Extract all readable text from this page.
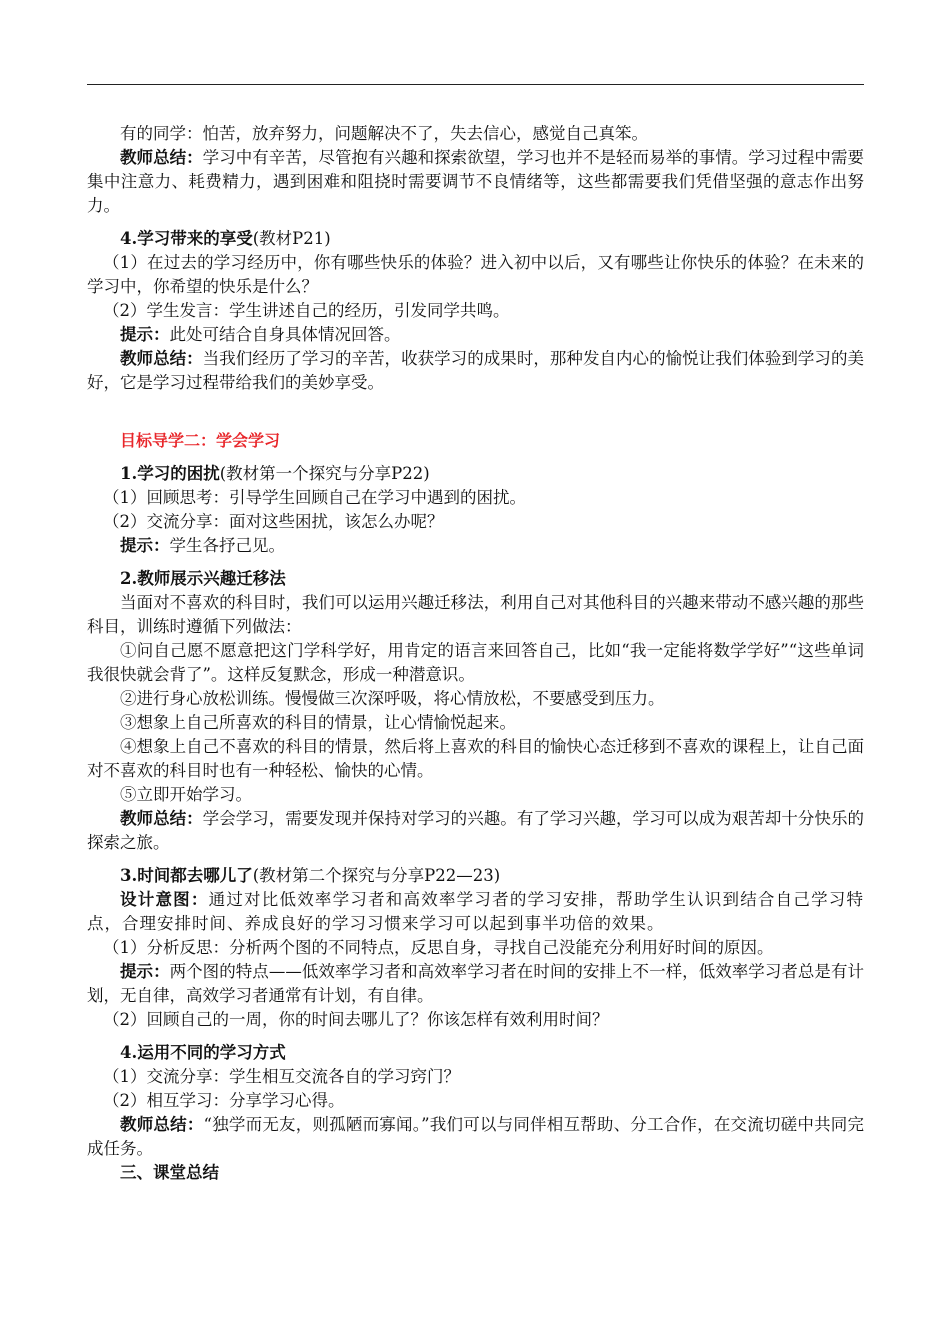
有的同学：怕苦，放弃努力，问题解决不了，失去信心，感觉自己真笨。

教师总结：学习中有辛苦，尽管抱有兴趣和探索欲望，学习也并不是轻而易举的事情。学习过程中需要集中注意力、耗费精力，遇到困难和阻挠时需要调节不良情绪等，这些都需要我们凭借坚强的意志作出努力。

4.学习带来的享受(教材P21)

（1）在过去的学习经历中，你有哪些快乐的体验？进入初中以后，又有哪些让你快乐的体验？在未来的学习中，你希望的快乐是什么？

（2）学生发言：学生讲述自己的经历，引发同学共鸣。

提示：此处可结合自身具体情况回答。

教师总结：当我们经历了学习的辛苦，收获学习的成果时，那种发自内心的愉悦让我们体验到学习的美好，它是学习过程带给我们的美妙享受。

目标导学二：学会学习

1.学习的困扰(教材第一个探究与分享P22)

（1）回顾思考：引导学生回顾自己在学习中遇到的困扰。

（2）交流分享：面对这些困扰，该怎么办呢？

提示：学生各抒己见。

2.教师展示兴趣迁移法

当面对不喜欢的科目时，我们可以运用兴趣迁移法，利用自己对其他科目的兴趣来带动不感兴趣的那些科目，训练时遵循下列做法：

①问自己愿不愿意把这门学科学好，用肯定的语言来回答自己，比如“我一定能将数学学好”“这些单词我很快就会背了”。这样反复默念，形成一种潜意识。

②进行身心放松训练。慢慢做三次深呼吸，将心情放松，不要感受到压力。

③想象上自己所喜欢的科目的情景，让心情愉悦起来。

④想象上自己不喜欢的科目的情景，然后将上喜欢的科目的愉快心态迁移到不喜欢的课程上，让自己面对不喜欢的科目时也有一种轻松、愉快的心情。

⑤立即开始学习。

教师总结：学会学习，需要发现并保持对学习的兴趣。有了学习兴趣，学习可以成为艰苦却十分快乐的探索之旅。

3.时间都去哪儿了(教材第二个探究与分享P22—23)

设计意图：通过对比低效率学习者和高效率学习者的学习安排，帮助学生认识到结合自己学习特点，合理安排时间、养成良好的学习习惯来学习可以起到事半功倍的效果。

（1）分析反思：分析两个图的不同特点，反思自身，寻找自己没能充分利用好时间的原因。

提示：两个图的特点——低效率学习者和高效率学习者在时间的安排上不一样，低效率学习者总是有计划，无自律，高效学习者通常有计划，有自律。

（2）回顾自己的一周，你的时间去哪儿了？你该怎样有效利用时间？

4.运用不同的学习方式

（1）交流分享：学生相互交流各自的学习窍门？

（2）相互学习：分享学习心得。

教师总结：“独学而无友，则孤陋而寡闻。”我们可以与同伴相互帮助、分工合作，在交流切磋中共同完成任务。

三、课堂总结
